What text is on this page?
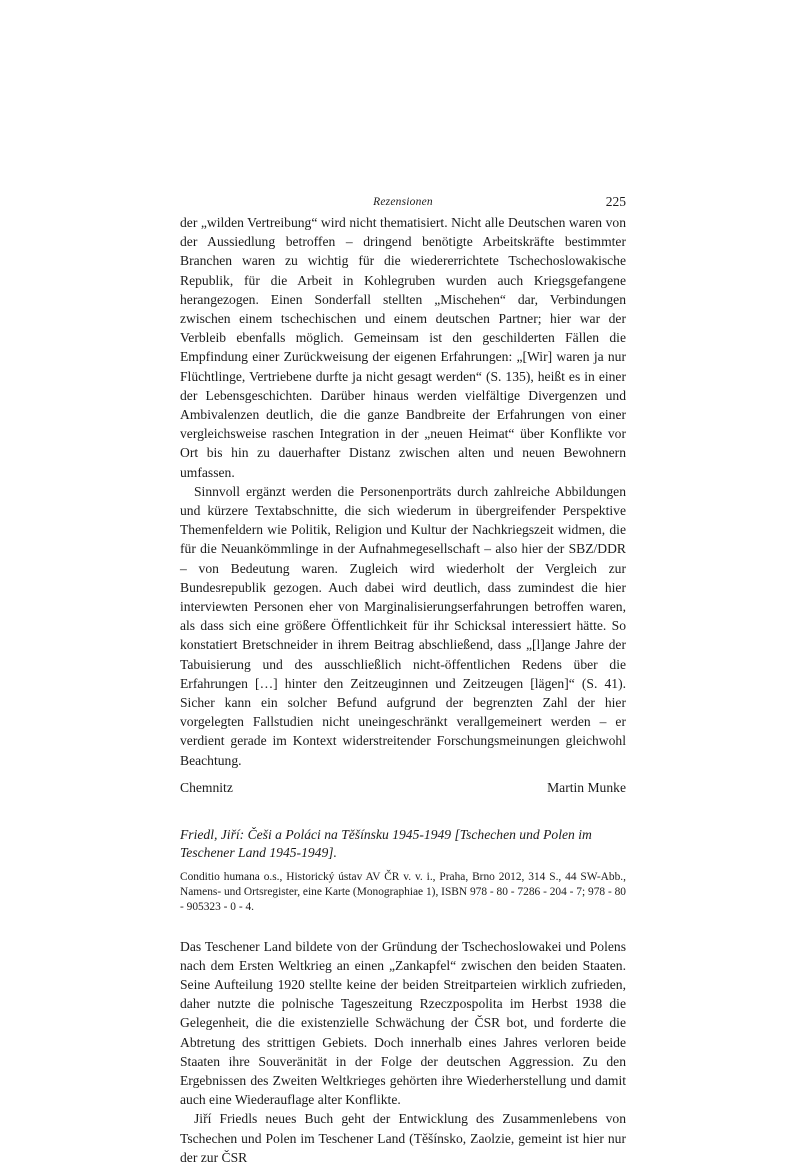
Rezensionen	225

der „wilden Vertreibung“ wird nicht thematisiert. Nicht alle Deutschen waren von der Aussiedlung betroffen – dringend benötigte Arbeitskräfte bestimmter Branchen waren zu wichtig für die wiedererrichtete Tschechoslowakische Republik, für die Arbeit in Kohlegruben wurden auch Kriegsgefangene herangezogen. Einen Sonderfall stellten „Mischehen“ dar, Verbindungen zwischen einem tschechischen und einem deutschen Partner; hier war der Verbleib ebenfalls möglich. Gemeinsam ist den geschilderten Fällen die Empfindung einer Zurückweisung der eigenen Erfahrungen: „[Wir] waren ja nur Flüchtlinge, Vertriebene durfte ja nicht gesagt werden“ (S. 135), heißt es in einer der Lebensgeschichten. Darüber hinaus werden vielfältige Divergenzen und Ambivalenzen deutlich, die die ganze Bandbreite der Erfahrungen von einer vergleichsweise raschen Integration in der „neuen Heimat“ über Konflikte vor Ort bis hin zu dauerhafter Distanz zwischen alten und neuen Bewohnern umfassen.

Sinnvoll ergänzt werden die Personenporträts durch zahlreiche Abbildungen und kürzere Textabschnitte, die sich wiederum in übergreifender Perspektive Themenfeldern wie Politik, Religion und Kultur der Nachkriegszeit widmen, die für die Neuankömmlinge in der Aufnahmegesellschaft – also hier der SBZ/DDR – von Bedeutung waren. Zugleich wird wiederholt der Vergleich zur Bundesrepublik gezogen. Auch dabei wird deutlich, dass zumindest die hier interviewten Personen eher von Marginalisierungserfahrungen betroffen waren, als dass sich eine größere Öffentlichkeit für ihr Schicksal interessiert hätte. So konstatiert Bretschneider in ihrem Beitrag abschließend, dass „[l]ange Jahre der Tabuisierung und des ausschließlich nicht-öffentlichen Redens über die Erfahrungen […] hinter den Zeitzeuginnen und Zeitzeugen [lägen]“ (S. 41). Sicher kann ein solcher Befund aufgrund der begrenzten Zahl der hier vorgelegten Fallstudien nicht uneingeschränkt verallgemeinert werden – er verdient gerade im Kontext widerstreitender Forschungsmeinungen gleichwohl Beachtung.

Chemnitz	Martin Munke
Friedl, Jiří: Češi a Poláci na Těšínsku 1945-1949 [Tschechen und Polen im Teschener Land 1945-1949].
Conditio humana o.s., Historický ústav AV ČR v. v. i., Praha, Brno 2012, 314 S., 44 SW-Abb., Namens- und Ortsregister, eine Karte (Monographiae 1), ISBN 978 - 80 - 7286 - 204 - 7; 978 - 80 - 905323 - 0 - 4.

Das Teschener Land bildete von der Gründung der Tschechoslowakei und Polens nach dem Ersten Weltkrieg an einen „Zankapfel“ zwischen den beiden Staaten. Seine Aufteilung 1920 stellte keine der beiden Streitparteien wirklich zufrieden, daher nutzte die polnische Tageszeitung Rzeczpospolita im Herbst 1938 die Gelegenheit, die die existenzielle Schwächung der ČSR bot, und forderte die Abtretung des strittigen Gebiets. Doch innerhalb eines Jahres verloren beide Staaten ihre Souveränität in der Folge der deutschen Aggression. Zu den Ergebnissen des Zweiten Weltkrieges gehörten ihre Wiederherstellung und damit auch eine Wiederauflage alter Konflikte.

Jiří Friedls neues Buch geht der Entwicklung des Zusammenlebens von Tschechen und Polen im Teschener Land (Těšínsko, Zaolzie, gemeint ist hier nur der zur ČSR
